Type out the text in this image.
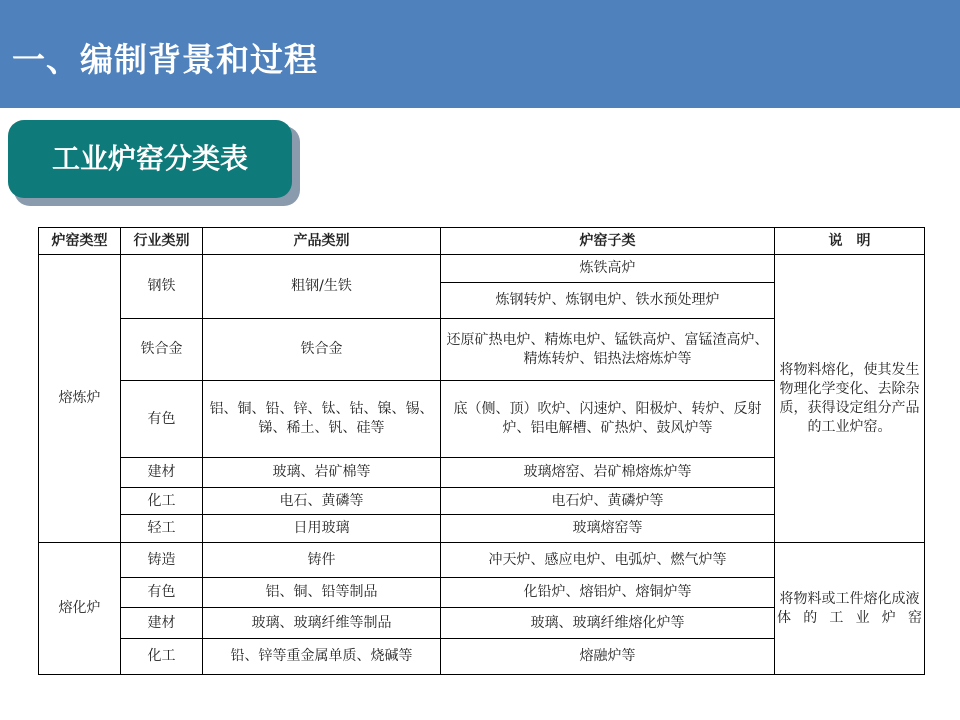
一、编制背景和过程
工业炉窑分类表
炉窑类型	行业类别	产品类别	炉窑子类	说　明
熔炼炉	钢铁	粗钢/生铁	炼铁高炉	将物料熔化，使其发生物理化学变化、去除杂质，获得设定组分产品的工业炉窑。
			炼钢转炉、炼钢电炉、铁水预处理炉	
	铁合金	铁合金	还原矿热电炉、精炼电炉、锰铁高炉、富锰渣高炉、精炼转炉、铝热法熔炼炉等	
	有色	铝、铜、铅、锌、钛、钴、镍、锡、锑、稀土、钒、硅等	底（侧、顶）吹炉、闪速炉、阳极炉、转炉、反射炉、铝电解槽、矿热炉、鼓风炉等	
	建材	玻璃、岩矿棉等	玻璃熔窑、岩矿棉熔炼炉等	
	化工	电石、黄磷等	电石炉、黄磷炉等	
	轻工	日用玻璃	玻璃熔窑等	
熔化炉	铸造	铸件	冲天炉、感应电炉、电弧炉、燃气炉等	将物料或工件熔化成液体的工业炉窑
	有色	铝、铜、铅等制品	化铅炉、熔铝炉、熔铜炉等	
	建材	玻璃、玻璃纤维等制品	玻璃、玻璃纤维熔化炉等	
	化工	铅、锌等重金属单质、烧碱等	熔融炉等	
